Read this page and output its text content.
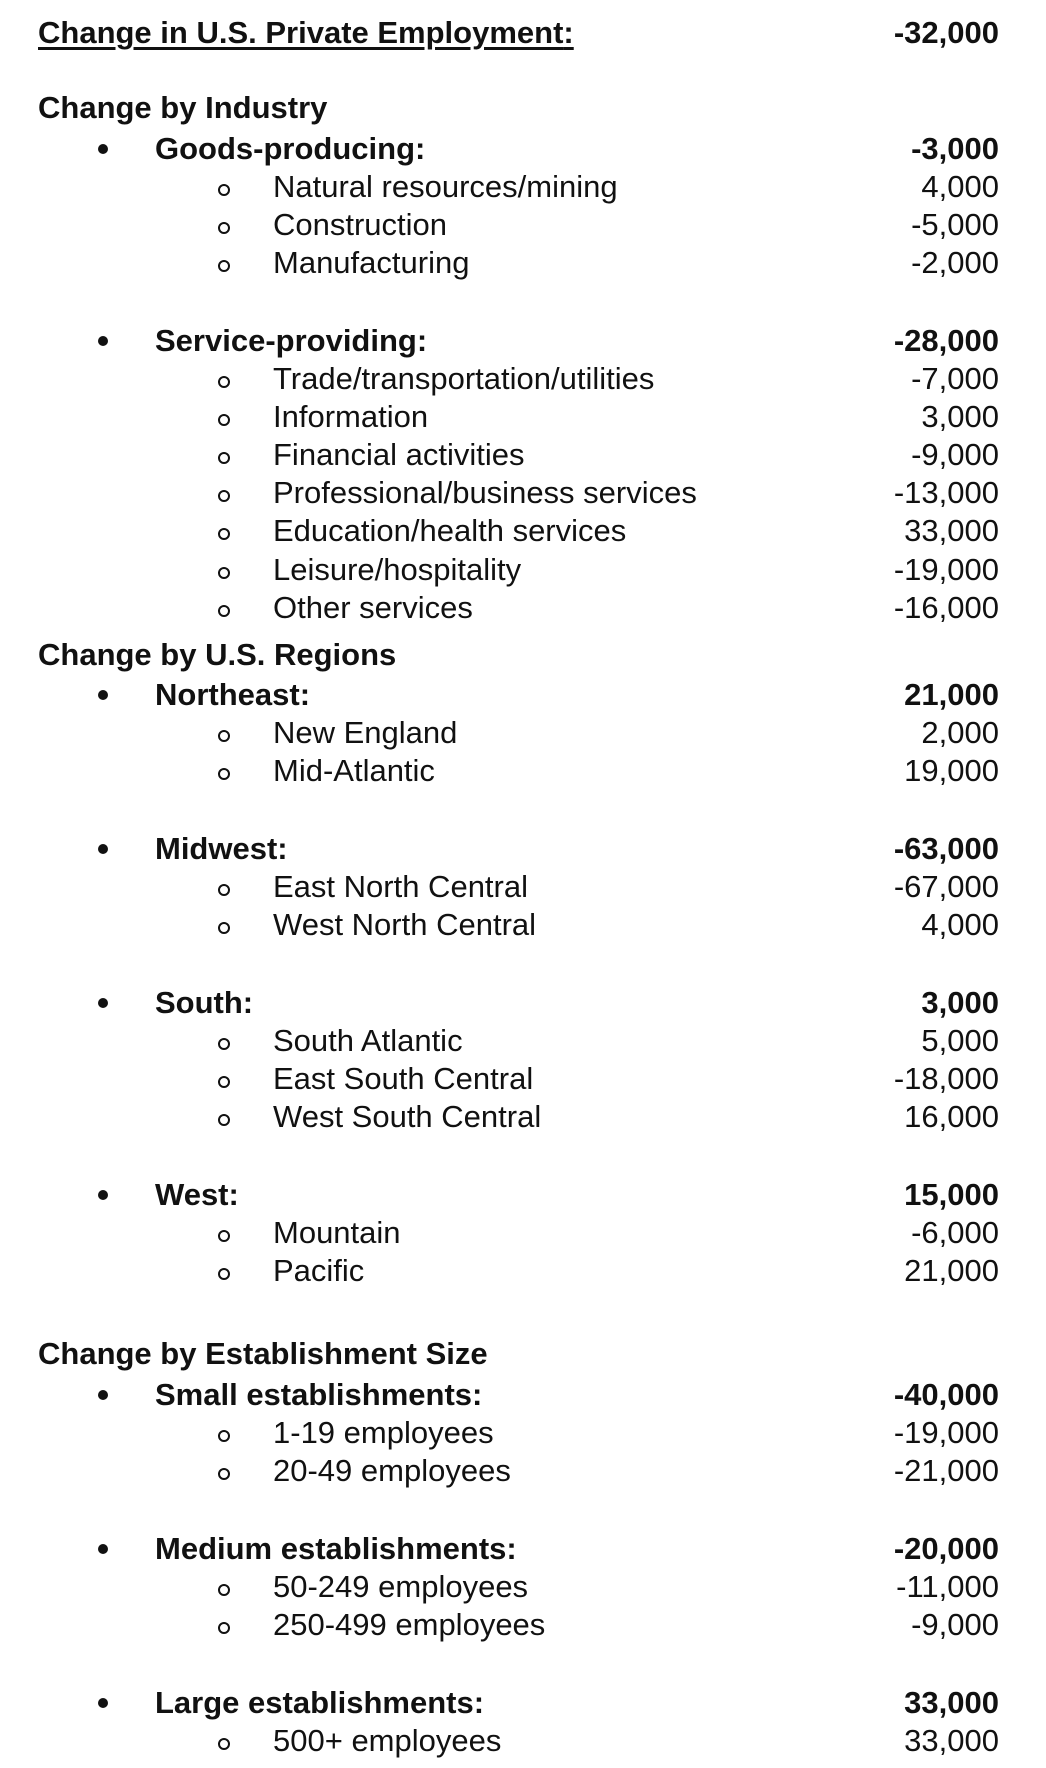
Change in U.S. Private Employment:	-32,000
Change by Industry
Goods-producing:	-3,000
Natural resources/mining	4,000
Construction	-5,000
Manufacturing	-2,000
Service-providing:	-28,000
Trade/transportation/utilities	-7,000
Information	3,000
Financial activities	-9,000
Professional/business services	-13,000
Education/health services	33,000
Leisure/hospitality	-19,000
Other services	-16,000
Change by U.S. Regions
Northeast:	21,000
New England	2,000
Mid-Atlantic	19,000
Midwest:	-63,000
East North Central	-67,000
West North Central	4,000
South:	3,000
South Atlantic	5,000
East South Central	-18,000
West South Central	16,000
West:	15,000
Mountain	-6,000
Pacific	21,000
Change by Establishment Size
Small establishments:	-40,000
1-19 employees	-19,000
20-49 employees	-21,000
Medium establishments:	-20,000
50-249 employees	-11,000
250-499 employees	-9,000
Large establishments:	33,000
500+ employees	33,000
